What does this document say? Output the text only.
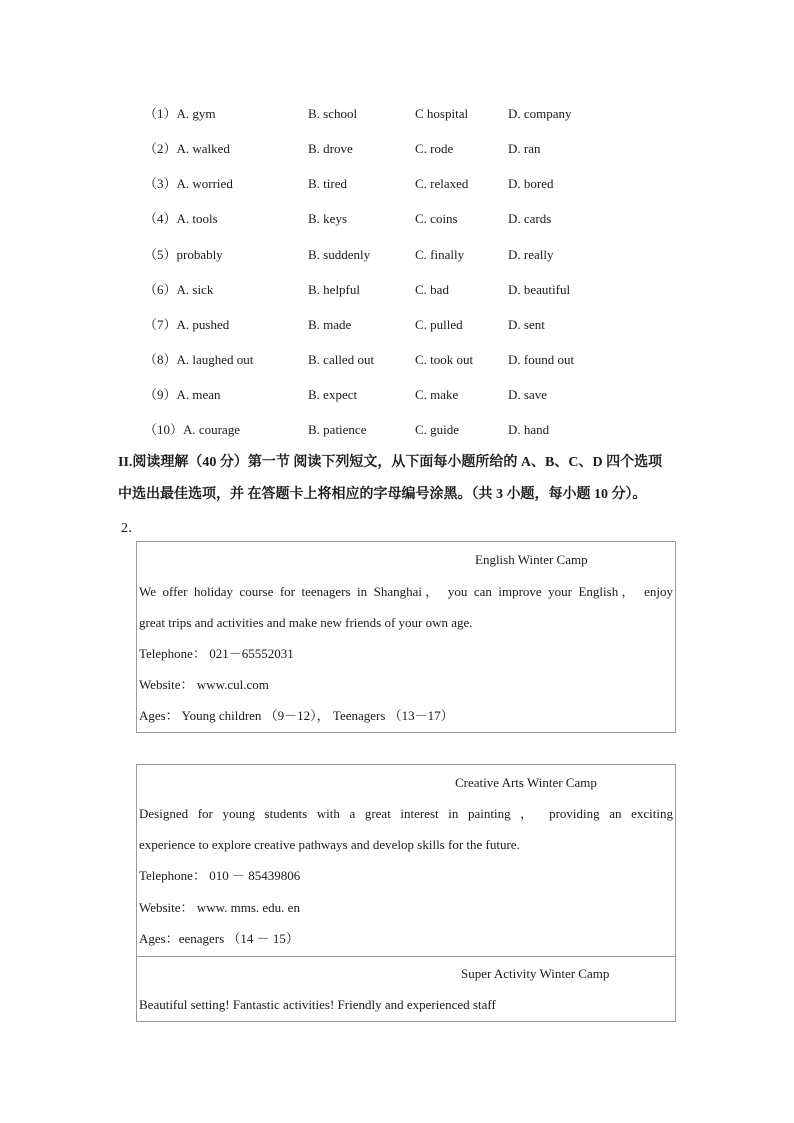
（1）A. gym	B. school	C hospital	D. company
（2）A. walked	B. drove	C. rode	D. ran
（3）A. worried	B. tired	C. relaxed	D. bored
（4）A. tools	B. keys	C. coins	D. cards
（5）probably	B. suddenly	C. finally	D. really
（6）A. sick	B. helpful	C. bad	D. beautiful
（7）A. pushed	B. made	C. pulled	D. sent
（8）A. laughed out	B. called out	C. took out	D. found out
（9）A. mean	B. expect	C. make	D. save
（10）A. courage	B. patience	C. guide	D. hand
II.阅读理解（40 分）第一节 阅读下列短文，从下面每小题所给的 A、B、C、D 四个选项
中选出最佳选项，并 在答题卡上将相应的字母编号涂黑。（共 3 小题，每小题 10 分）。
2．
English Winter Camp
We offer holiday course for teenagers in Shanghai， you can improve your English， enjoy
great trips and activities and make new friends of your own age.
Telephone： 021－65552031
Website： www.cul.com
Ages： Young children （9－12）， Teenagers （13－17）
Creative Arts Winter Camp
Designed for young students with a great interest in painting ， providing an exciting
experience to explore creative pathways and develop skills for the future.
Telephone： 010 － 85439806
Website： www. mms. edu. en
Ages：eenagers （14 － 15）
Super Activity Winter Camp
Beautiful setting! Fantastic activities! Friendly and experienced staff
